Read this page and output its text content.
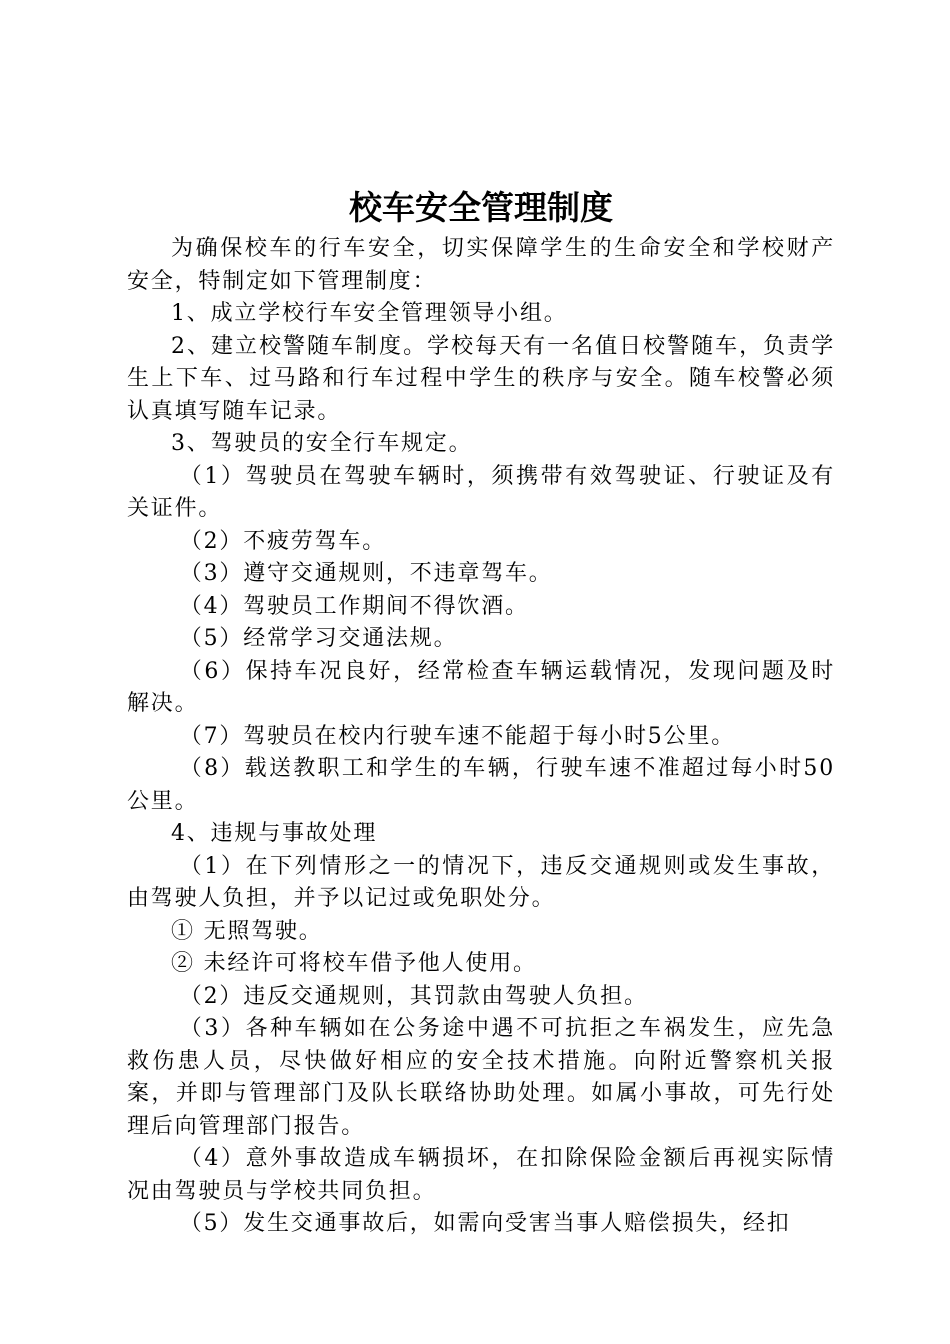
校车安全管理制度

为确保校车的行车安全，切实保障学生的生命安全和学校财产安全，特制定如下管理制度：

1、成立学校行车安全管理领导小组。

2、建立校警随车制度。学校每天有一名值日校警随车，负责学生上下车、过马路和行车过程中学生的秩序与安全。随车校警必须认真填写随车记录。

3、驾驶员的安全行车规定。

（1）驾驶员在驾驶车辆时，须携带有效驾驶证、行驶证及有关证件。

（2）不疲劳驾车。

（3）遵守交通规则，不违章驾车。

（4）驾驶员工作期间不得饮酒。

（5）经常学习交通法规。

（6）保持车况良好，经常检查车辆运载情况，发现问题及时解决。

（7）驾驶员在校内行驶车速不能超于每小时5公里。

（8）载送教职工和学生的车辆，行驶车速不准超过每小时50公里。

4、违规与事故处理

（1）在下列情形之一的情况下，违反交通规则或发生事故，由驾驶人负担，并予以记过或免职处分。

① 无照驾驶。

② 未经许可将校车借予他人使用。

（2）违反交通规则，其罚款由驾驶人负担。

（3）各种车辆如在公务途中遇不可抗拒之车祸发生，应先急救伤患人员，尽快做好相应的安全技术措施。向附近警察机关报案，并即与管理部门及队长联络协助处理。如属小事故，可先行处理后向管理部门报告。

（4）意外事故造成车辆损坏，在扣除保险金额后再视实际情况由驾驶员与学校共同负担。

（5）发生交通事故后，如需向受害当事人赔偿损失，经扣
